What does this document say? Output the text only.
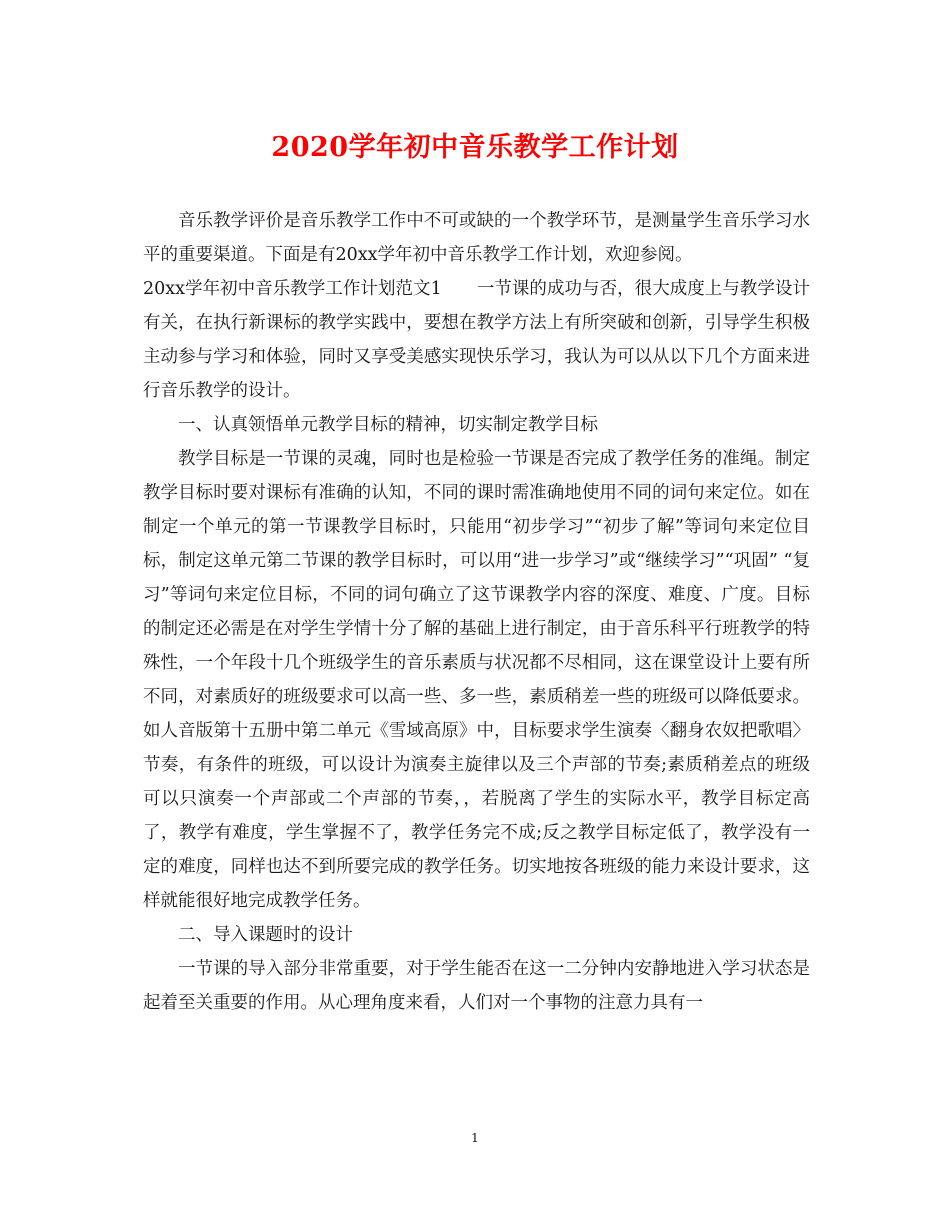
2020学年初中音乐教学工作计划

音乐教学评价是音乐教学工作中不可或缺的一个教学环节，是测量学生音乐学习水平的重要渠道。下面是有20xx学年初中音乐教学工作计划，欢迎参阅。

20xx学年初中音乐教学工作计划范文1　　一节课的成功与否，很大成度上与教学设计有关，在执行新课标的教学实践中，要想在教学方法上有所突破和创新，引导学生积极主动参与学习和体验，同时又享受美感实现快乐学习，我认为可以从以下几个方面来进行音乐教学的设计。

一、认真领悟单元教学目标的精神，切实制定教学目标

教学目标是一节课的灵魂，同时也是检验一节课是否完成了教学任务的准绳。制定教学目标时要对课标有准确的认知，不同的课时需准确地使用不同的词句来定位。如在制定一个单元的第一节课教学目标时，只能用“初步学习”“初步了解”等词句来定位目标，制定这单元第二节课的教学目标时，可以用“进一步学习”或“继续学习”“巩固” “复习”等词句来定位目标，不同的词句确立了这节课教学内容的深度、难度、广度。目标的制定还必需是在对学生学情十分了解的基础上进行制定，由于音乐科平行班教学的特殊性，一个年段十几个班级学生的音乐素质与状况都不尽相同，这在课堂设计上要有所不同，对素质好的班级要求可以高一些、多一些，素质稍差一些的班级可以降低要求。如人音版第十五册中第二单元《雪域高原》中，目标要求学生演奏〈翻身农奴把歌唱〉节奏，有条件的班级，可以设计为演奏主旋律以及三个声部的节奏;素质稍差点的班级可以只演奏一个声部或二个声部的节奏，，若脱离了学生的实际水平，教学目标定高了，教学有难度，学生掌握不了，教学任务完不成;反之教学目标定低了，教学没有一定的难度，同样也达不到所要完成的教学任务。切实地按各班级的能力来设计要求，这样就能很好地完成教学任务。

二、导入课题时的设计

一节课的导入部分非常重要，对于学生能否在这一二分钟内安静地进入学习状态是起着至关重要的作用。从心理角度来看，人们对一个事物的注意力具有一

1
